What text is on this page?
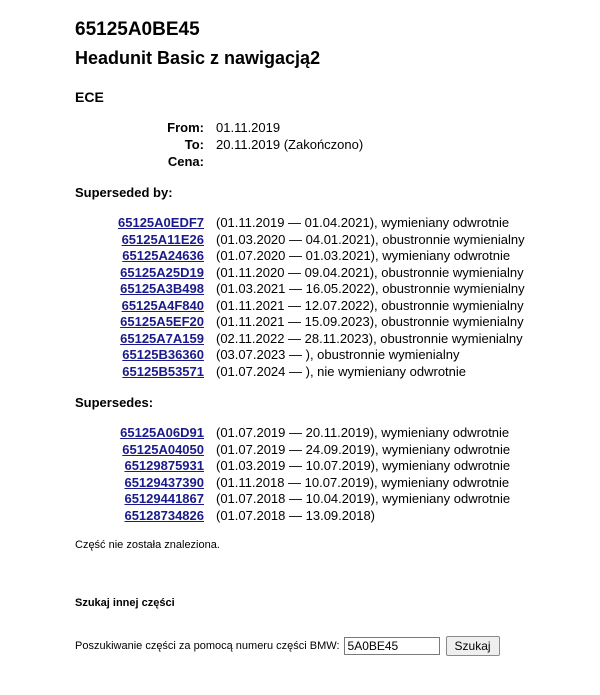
65125A0BE45
Headunit Basic z nawigacją2
ECE
From: 01.11.2019
To: 20.11.2019 (Zakończono)
Cena:
Superseded by:
65125A0EDF7 (01.11.2019 — 01.04.2021), wymieniany odwrotnie
65125A11E26 (01.03.2020 — 04.01.2021), obustronnie wymienialny
65125A24636 (01.07.2020 — 01.03.2021), wymieniany odwrotnie
65125A25D19 (01.11.2020 — 09.04.2021), obustronnie wymienialny
65125A3B498 (01.03.2021 — 16.05.2022), obustronnie wymienialny
65125A4F840 (01.11.2021 — 12.07.2022), obustronnie wymienialny
65125A5EF20 (01.11.2021 — 15.09.2023), obustronnie wymienialny
65125A7A159 (02.11.2022 — 28.11.2023), obustronnie wymienialny
65125B36360 (03.07.2023 — ), obustronnie wymienialny
65125B53571 (01.07.2024 — ), nie wymieniany odwrotnie
Supersedes:
65125A06D91 (01.07.2019 — 20.11.2019), wymieniany odwrotnie
65125A04050 (01.07.2019 — 24.09.2019), wymieniany odwrotnie
65129875931 (01.03.2019 — 10.07.2019), wymieniany odwrotnie
65129437390 (01.11.2018 — 10.07.2019), wymieniany odwrotnie
65129441867 (01.07.2018 — 10.04.2019), wymieniany odwrotnie
65128734826 (01.07.2018 — 13.09.2018)
Część nie została znaleziona.
Szukaj innej części
Poszukiwanie części za pomocą numeru części BMW:
5A0BE45	Szukaj
